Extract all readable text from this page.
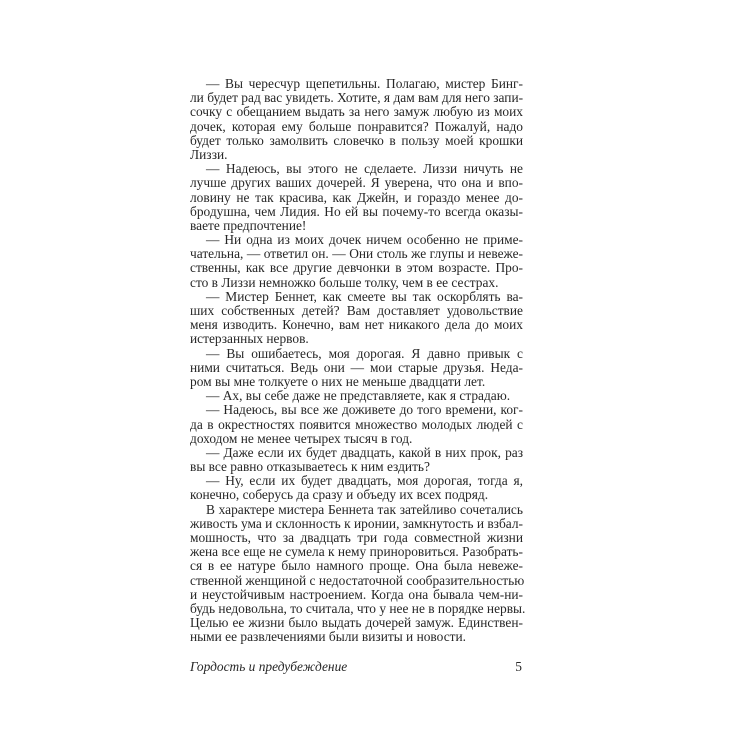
— Вы чересчур щепетильны. Полагаю, мистер Бинг-
ли будет рад вас увидеть. Хотите, я дам вам для него запи-
сочку с обещанием выдать за него замуж любую из моих
дочек, которая ему больше понравится? Пожалуй, надо
будет только замолвить словечко в пользу моей крошки
Лиззи.
— Надеюсь, вы этого не сделаете. Лиззи ничуть не
лучше других ваших дочерей. Я уверена, что она и впо-
ловину не так красива, как Джейн, и гораздо менее до-
бродушна, чем Лидия. Но ей вы почему-то всегда оказы-
ваете предпочтение!
— Ни одна из моих дочек ничем особенно не приме-
чательна, — ответил он. — Они столь же глупы и невеже-
ственны, как все другие девчонки в этом возрасте. Про-
сто в Лиззи немножко больше толку, чем в ее сестрах.
— Мистер Беннет, как смеете вы так оскорблять ва-
ших собственных детей? Вам доставляет удовольствие
меня изводить. Конечно, вам нет никакого дела до моих
истерзанных нервов.
— Вы ошибаетесь, моя дорогая. Я давно привык с
ними считаться. Ведь они — мои старые друзья. Неда-
ром вы мне толкуете о них не меньше двадцати лет.
— Ах, вы себе даже не представляете, как я страдаю.
— Надеюсь, вы все же доживете до того времени, ког-
да в окрестностях появится множество молодых людей с
доходом не менее четырех тысяч в год.
— Даже если их будет двадцать, какой в них прок, раз
вы все равно отказываетесь к ним ездить?
— Ну, если их будет двадцать, моя дорогая, тогда я,
конечно, соберусь да сразу и объеду их всех подряд.
В характере мистера Беннета так затейливо сочетались
живость ума и склонность к иронии, замкнутость и взбал-
мошность, что за двадцать три года совместной жизни
жена все еще не сумела к нему приноровиться. Разобрать-
ся в ее натуре было намного проще. Она была невеже-
ственной женщиной с недостаточной сообразительностью
и неустойчивым настроением. Когда она бывала чем-ни-
будь недовольна, то считала, что у нее не в порядке нервы.
Целью ее жизни было выдать дочерей замуж. Единствен-
ными ее развлечениями были визиты и новости.
Гордость и предубеждение	5
